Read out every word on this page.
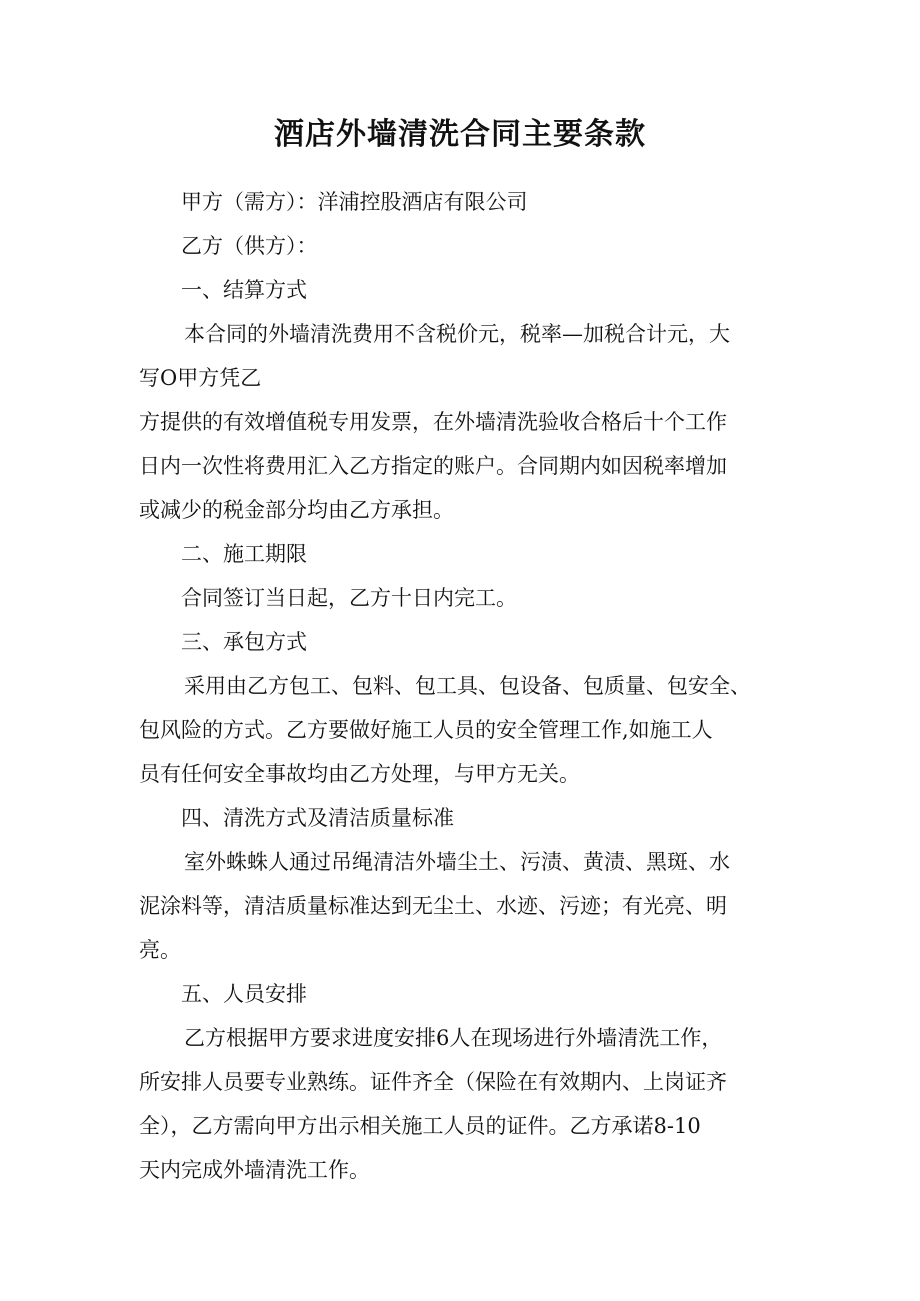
酒店外墙清洗合同主要条款
甲方（需方）：洋浦控股酒店有限公司
乙方（供方）：
一、结算方式
本合同的外墙清洗费用不含税价元，税率—加税合计元，大
写O甲方凭乙
方提供的有效增值税专用发票，在外墙清洗验收合格后十个工作
日内一次性将费用汇入乙方指定的账户。合同期内如因税率增加
或减少的税金部分均由乙方承担。
二、施工期限
合同签订当日起，乙方十日内完工。
三、承包方式
采用由乙方包工、包料、包工具、包设备、包质量、包安全、
包风险的方式。乙方要做好施工人员的安全管理工作,如施工人
员有任何安全事故均由乙方处理，与甲方无关。
四、清洗方式及清洁质量标准
室外蛛蛛人通过吊绳清洁外墙尘土、污渍、黄渍、黑斑、水
泥涂料等，清洁质量标准达到无尘土、水迹、污迹；有光亮、明
亮。
五、人员安排
乙方根据甲方要求进度安排6人在现场进行外墙清洗工作，
所安排人员要专业熟练。证件齐全（保险在有效期内、上岗证齐
全），乙方需向甲方出示相关施工人员的证件。乙方承诺8-10
天内完成外墙清洗工作。
